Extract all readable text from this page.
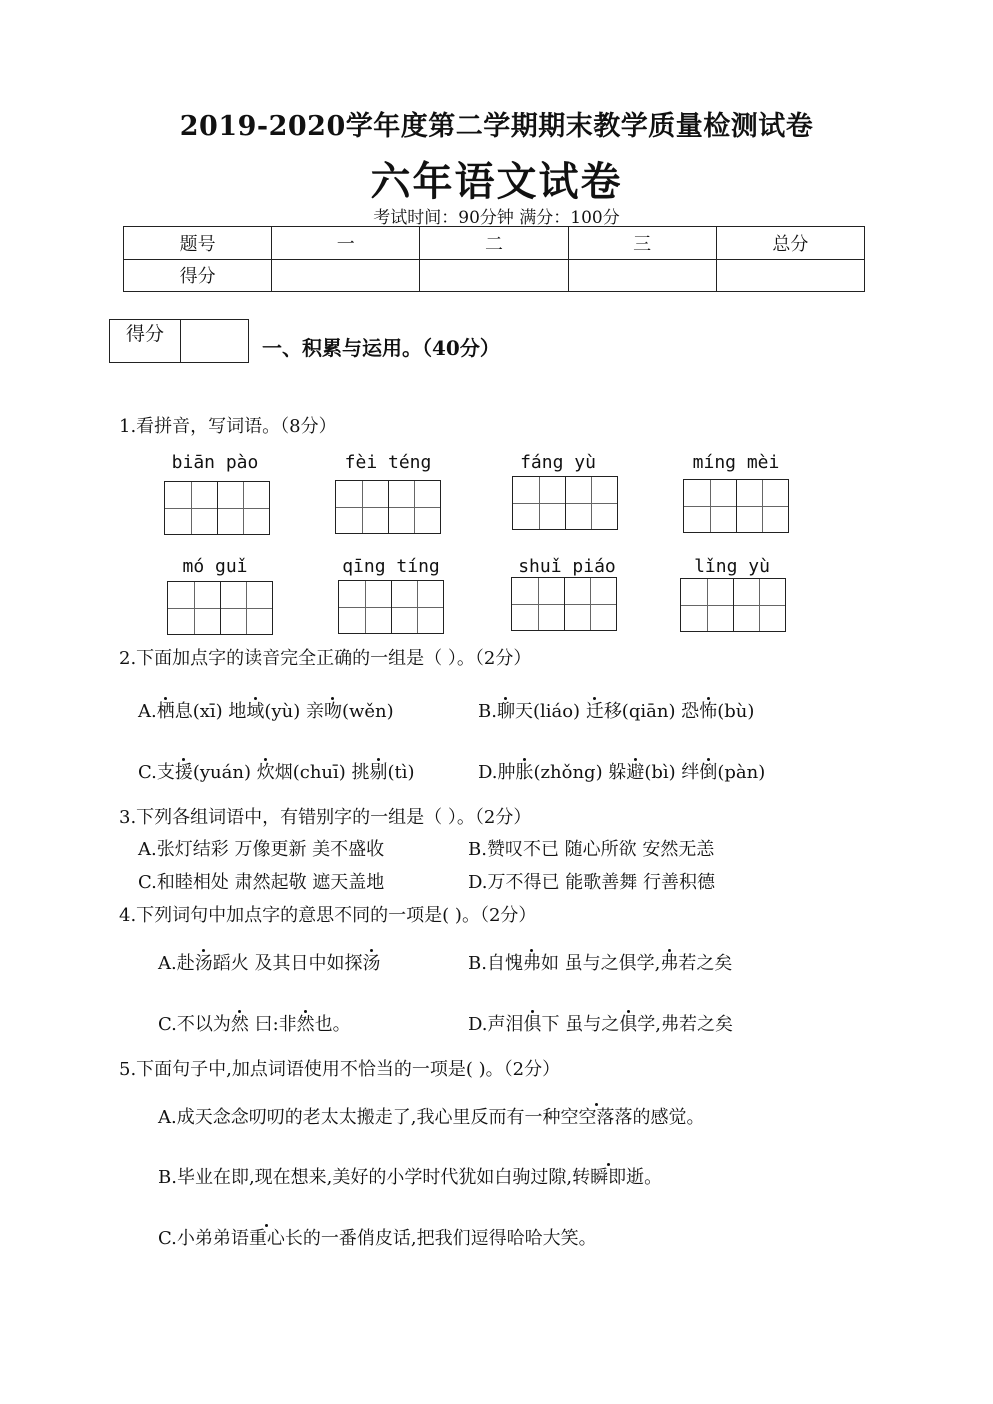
2019-2020学年度第二学期期末教学质量检测试卷
六年语文试卷
考试时间：90分钟 满分：100分
题号	一	二	三	总分
得分				
得分
一、积累与运用。（40分）
1.看拼音，写词语。（8分）
biān pào	fèi téng	fáng yù	míng mèi
mó guǐ	qīng tíng	shuǐ piáo	lǐng yù
2.下面加点字的读音完全正确的一组是（ ）。（2分）
A.栖息(xī) 地域(yù) 亲吻(wěn)	B.聊天(liáo) 迁移(qiān) 恐怖(bù)
C.支援(yuán) 炊烟(chuī) 挑剔(tì)	D.肿胀(zhǒng) 躲避(bì) 绊倒(pàn)
3.下列各组词语中，有错别字的一组是（ ）。（2分）
A.张灯结彩 万像更新 美不盛收	B.赞叹不已 随心所欲 安然无恙
C.和睦相处 肃然起敬 遮天盖地	D.万不得已 能歌善舞 行善积德
4.下列词句中加点字的意思不同的一项是( )。（2分）
A.赴汤蹈火 及其日中如探汤	B.自愧弗如 虽与之俱学,弗若之矣
C.不以为然 曰:非然也。	D.声泪俱下 虽与之俱学,弗若之矣
5.下面句子中,加点词语使用不恰当的一项是( )。（2分）
A.成天念念叨叨的老太太搬走了,我心里反而有一种空空落落的感觉。
B.毕业在即,现在想来,美好的小学时代犹如白驹过隙,转瞬即逝。
C.小弟弟语重心长的一番俏皮话,把我们逗得哈哈大笑。
